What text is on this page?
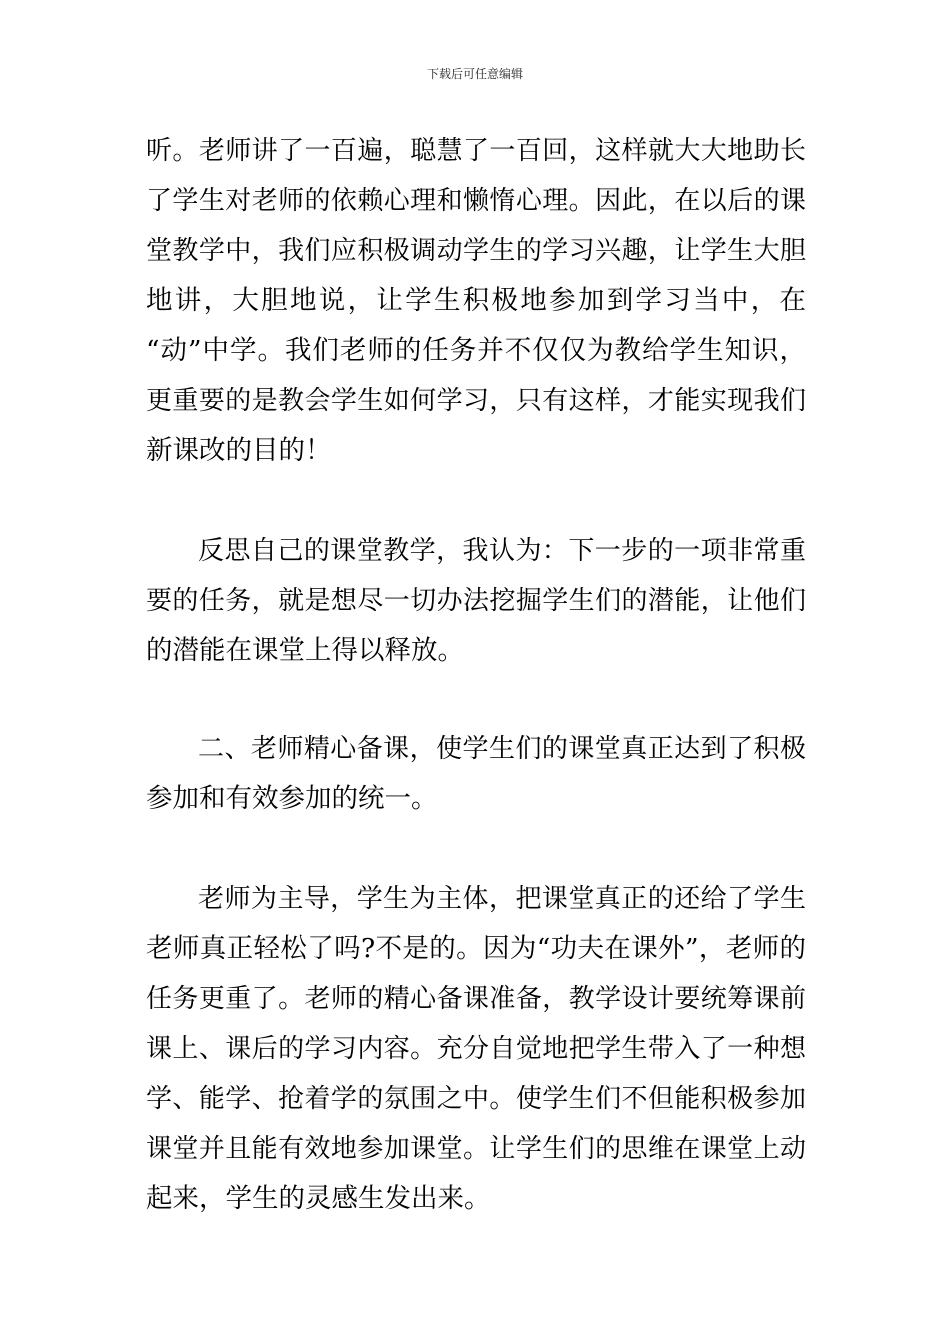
下载后可任意编辑
听。老师讲了一百遍，聪慧了一百回，这样就大大地助长
了学生对老师的依赖心理和懒惰心理。因此，在以后的课
堂教学中，我们应积极调动学生的学习兴趣，让学生大胆
地讲，大胆地说，让学生积极地参加到学习当中，在
“动”中学。我们老师的任务并不仅仅为教给学生知识，
更重要的是教会学生如何学习，只有这样，才能实现我们
新课改的目的！
反思自己的课堂教学，我认为：下一步的一项非常重
要的任务，就是想尽一切办法挖掘学生们的潜能，让他们
的潜能在课堂上得以释放。
二、老师精心备课，使学生们的课堂真正达到了积极
参加和有效参加的统一。
老师为主导，学生为主体，把课堂真正的还给了学生
老师真正轻松了吗?不是的。因为“功夫在课外”，老师的
任务更重了。老师的精心备课准备，教学设计要统筹课前
课上、课后的学习内容。充分自觉地把学生带入了一种想
学、能学、抢着学的氛围之中。使学生们不但能积极参加
课堂并且能有效地参加课堂。让学生们的思维在课堂上动
起来，学生的灵感生发出来。
